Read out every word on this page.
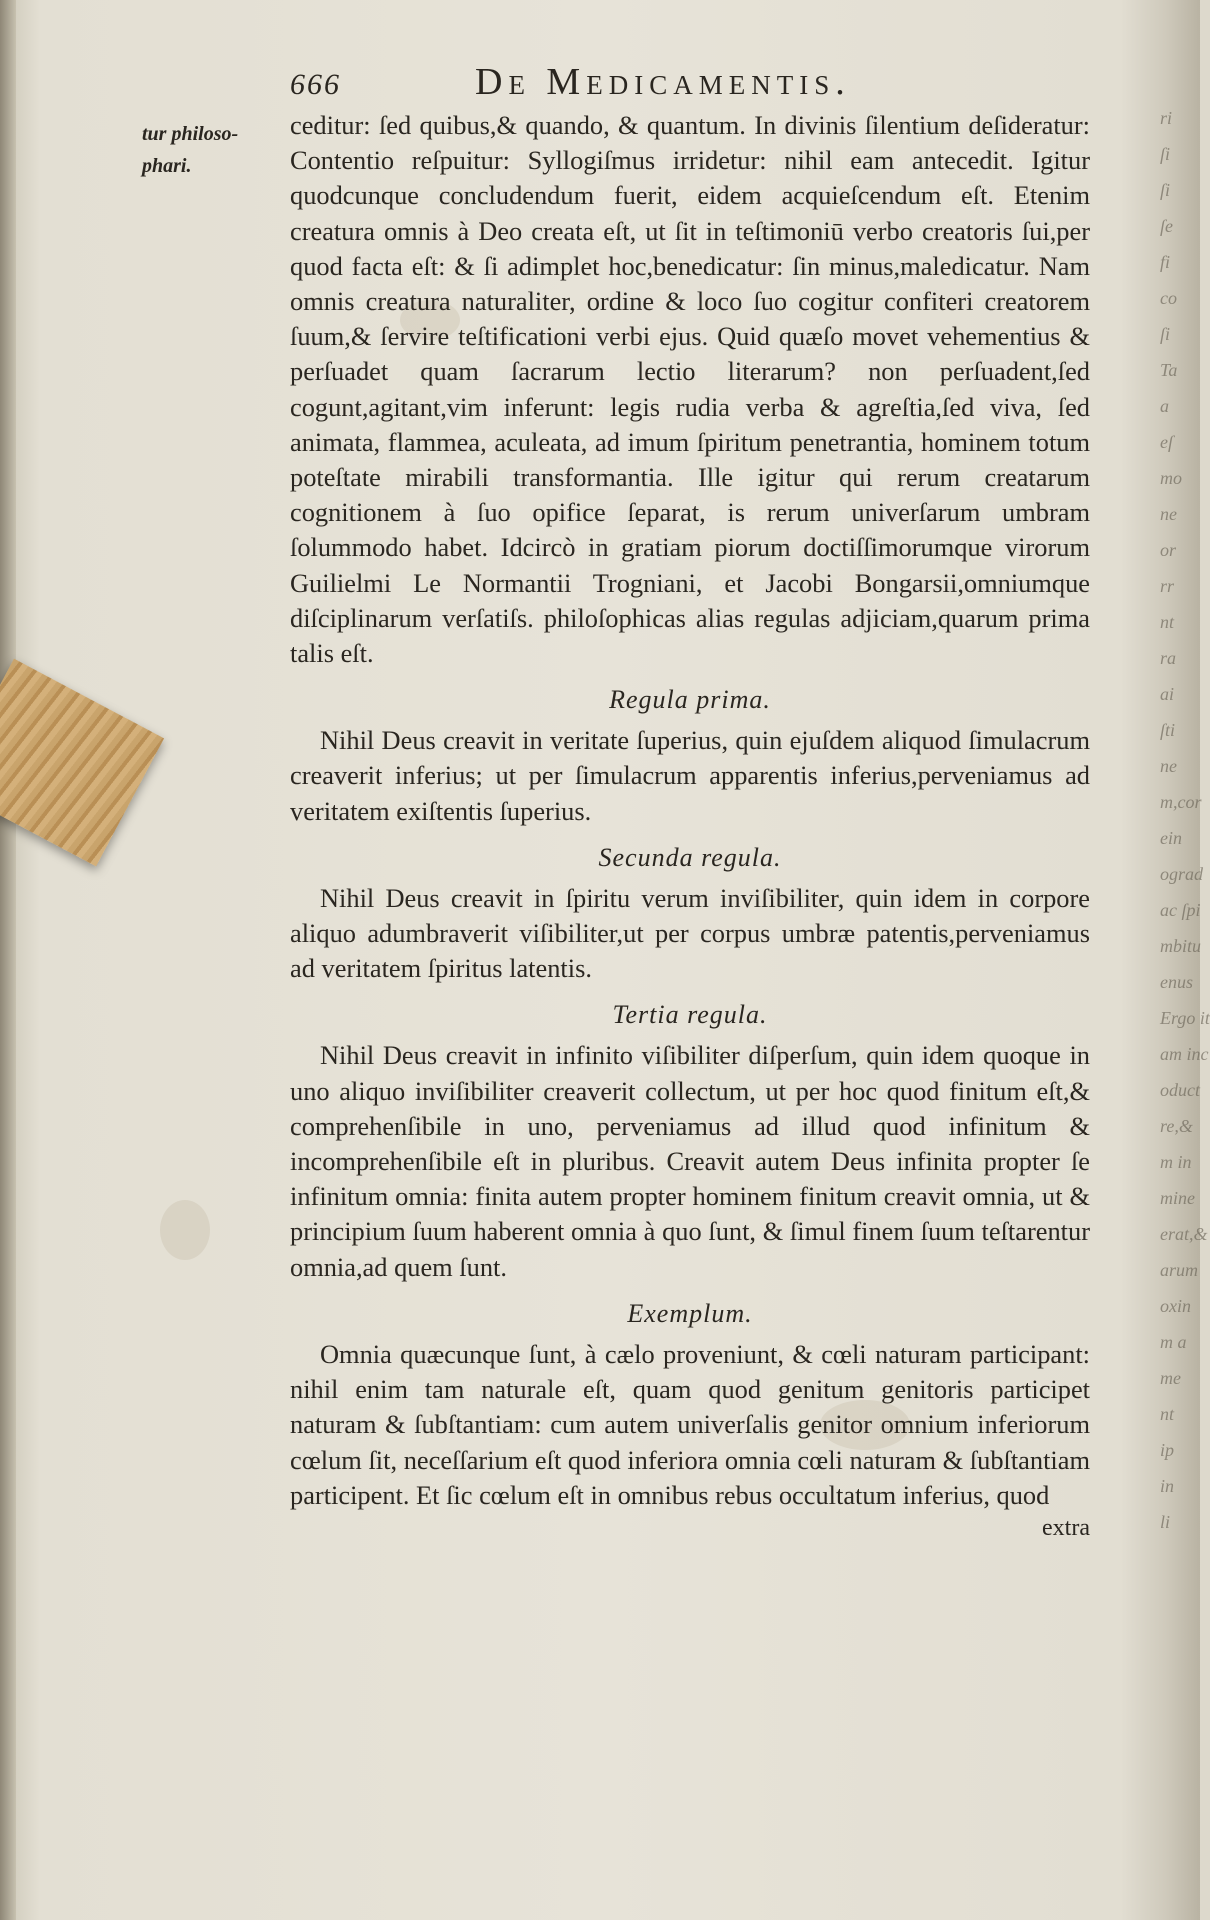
ri
ſi
ſi
ſe
fi
co
ſi
Ta
a
eſ
mo
ne
or
rr
nt
ra
ai
ſti
ne
m,cor
ein
ograd
ac ſpi
mbitu
enus
Ergo it
am inc
oduct
re,&
m in
mine
erat,&
arum
oxin
m a
me
nt
ip
in
li
666	De Medicamentis.
tur philoso-phari.

ceditur: ſed quibus,& quando, & quantum. In divinis ſilentium deſideratur: Contentio reſpuitur: Syllogiſmus irridetur: nihil eam antecedit. Igitur quodcunque concludendum fuerit, eidem acquieſcendum eſt. Etenim creatura omnis à Deo creata eſt, ut ſit in teſtimoniū verbo creatoris ſui,per quod facta eſt: & ſi adimplet hoc,benedicatur: ſin minus,maledicatur. Nam omnis creatura naturaliter, ordine & loco ſuo cogitur confiteri creatorem ſuum,& ſervire teſtificationi verbi ejus. Quid quæſo movet vehementius & perſuadet quam ſacrarum lectio literarum? non perſuadent,ſed cogunt,agitant,vim inferunt: legis rudia verba & agreſtia,ſed viva, ſed animata, flammea, aculeata, ad imum ſpiritum penetrantia, hominem totum poteſtate mirabili transformantia. Ille igitur qui rerum creatarum cognitionem à ſuo opifice ſeparat, is rerum univerſarum umbram ſolummodo habet. Idcircò in gratiam piorum doctiſſimorumque virorum Guilielmi Le Normantii Trogniani, et Jacobi Bongarsii,omniumque diſciplinarum verſatiſs. philoſophicas alias regulas adjiciam,quarum prima talis eſt.

Regula prima.

Nihil Deus creavit in veritate ſuperius, quin ejuſdem aliquod ſimulacrum creaverit inferius; ut per ſimulacrum apparentis inferius,perveniamus ad veritatem exiſtentis ſuperius.

Secunda regula.

Nihil Deus creavit in ſpiritu verum inviſibiliter, quin idem in corpore aliquo adumbraverit viſibiliter,ut per corpus umbræ patentis,perveniamus ad veritatem ſpiritus latentis.

Tertia regula.

Nihil Deus creavit in infinito viſibiliter diſperſum, quin idem quoque in uno aliquo inviſibiliter creaverit collectum, ut per hoc quod finitum eſt,& comprehenſibile in uno, perveniamus ad illud quod infinitum & incomprehenſibile eſt in pluribus. Creavit autem Deus infinita propter ſe infinitum omnia: finita autem propter hominem finitum creavit omnia, ut & principium ſuum haberent omnia à quo ſunt, & ſimul finem ſuum teſtarentur omnia,ad quem ſunt.

Exemplum.

Omnia quæcunque ſunt, à cælo proveniunt, & cœli naturam participant: nihil enim tam naturale eſt, quam quod genitum genitoris participet naturam & ſubſtantiam: cum autem univerſalis genitor omnium inferiorum cœlum ſit, neceſſarium eſt quod inferiora omnia cœli naturam & ſubſtantiam participent. Et ſic cœlum eſt in omnibus rebus occultatum inferius, quod

extra
